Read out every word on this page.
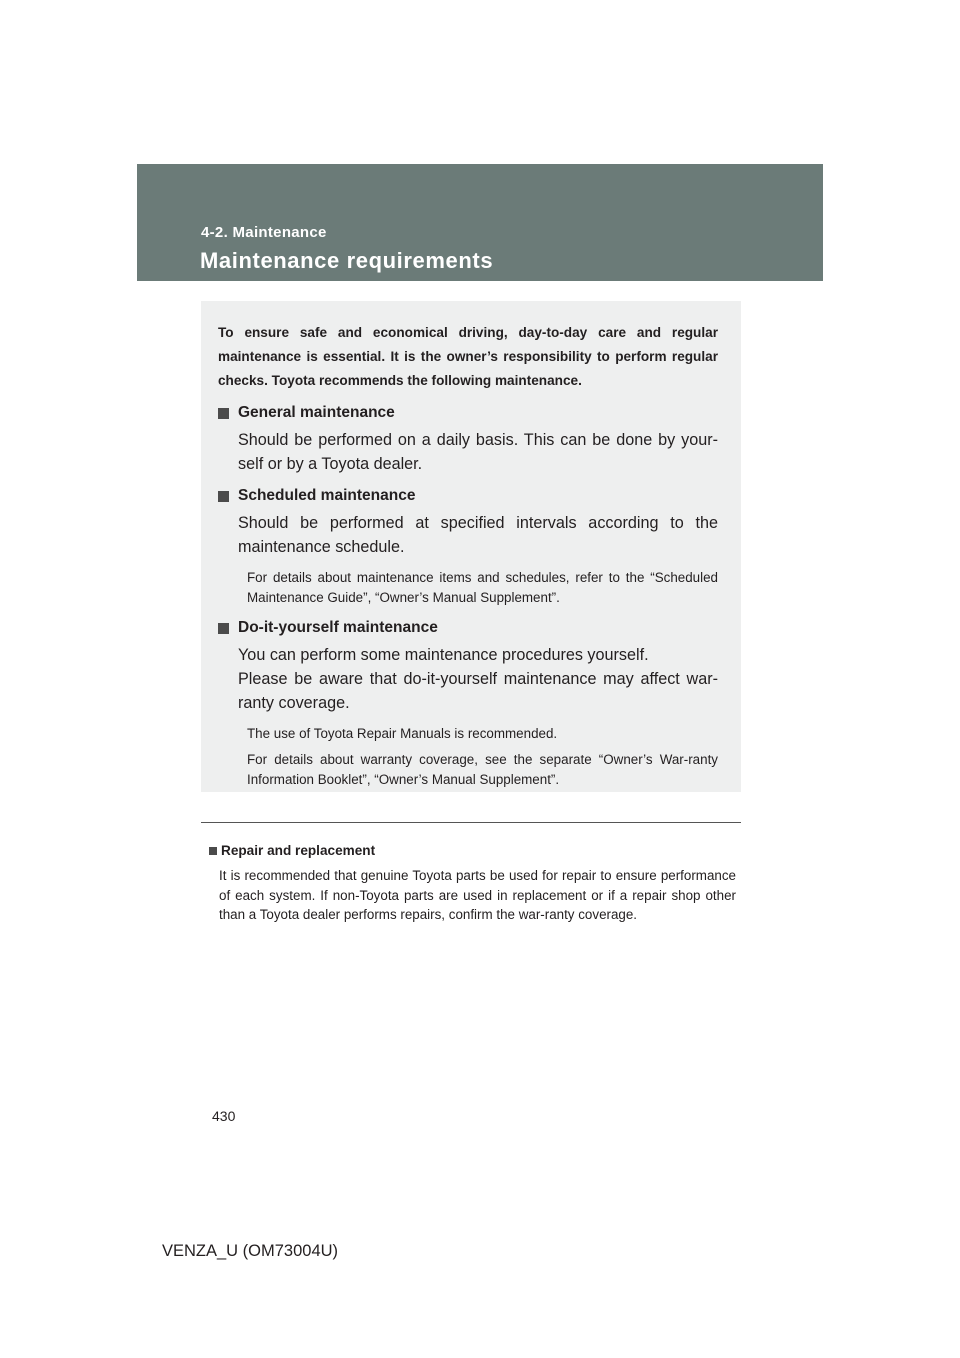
4-2. Maintenance
Maintenance requirements

To ensure safe and economical driving, day-to-day care and regular maintenance is essential. It is the owner’s responsibility to perform regular checks. Toyota recommends the following maintenance.

General maintenance
Should be performed on a daily basis. This can be done by your-self or by a Toyota dealer.
Scheduled maintenance
Should be performed at specified intervals according to the maintenance schedule.
For details about maintenance items and schedules, refer to the “Scheduled Maintenance Guide”, “Owner’s Manual Supplement”.
Do-it-yourself maintenance
You can perform some maintenance procedures yourself.
Please be aware that do-it-yourself maintenance may affect war-ranty coverage.
The use of Toyota Repair Manuals is recommended.
For details about warranty coverage, see the separate “Owner’s War-ranty Information Booklet”, “Owner’s Manual Supplement”.
Repair and replacement
It is recommended that genuine Toyota parts be used for repair to ensure performance of each system. If non-Toyota parts are used in replacement or if a repair shop other than a Toyota dealer performs repairs, confirm the war-ranty coverage.
430
VENZA_U (OM73004U)
